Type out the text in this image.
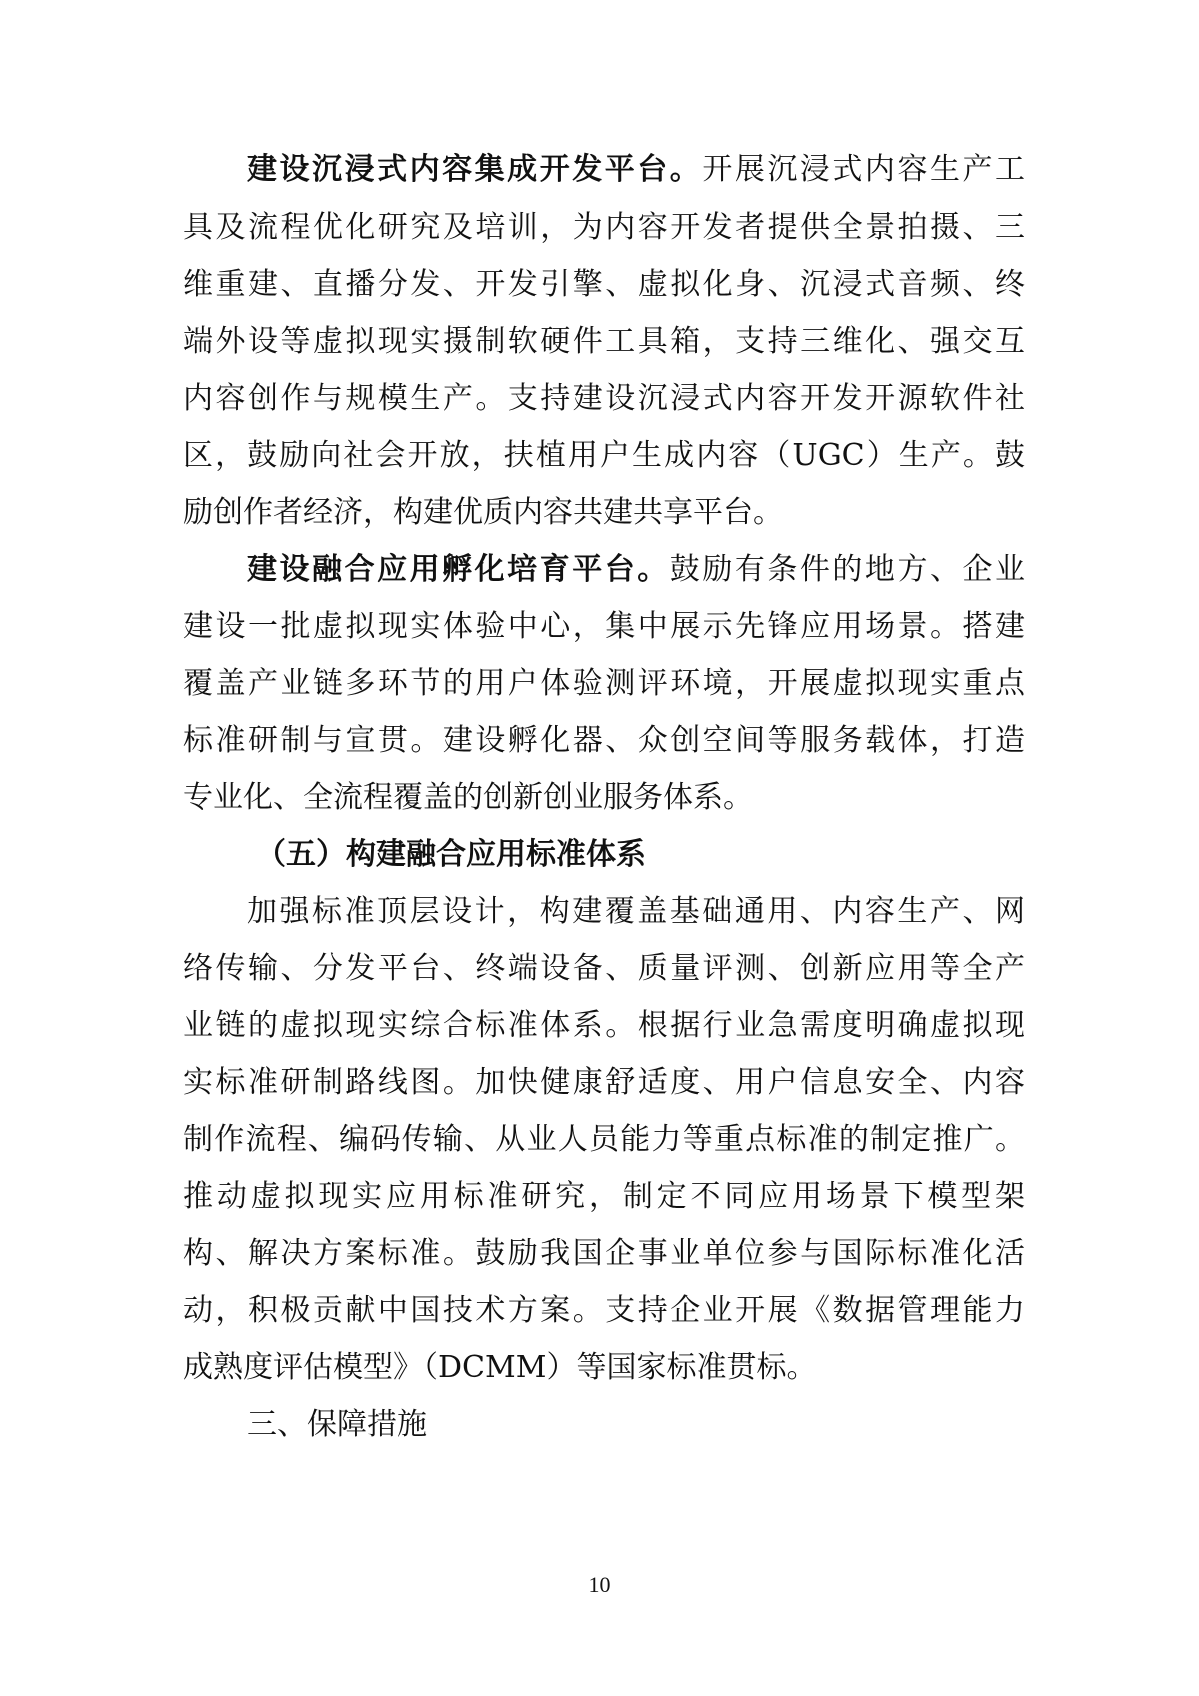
建设沉浸式内容集成开发平台。开展沉浸式内容生产工
具及流程优化研究及培训，为内容开发者提供全景拍摄、三
维重建、直播分发、开发引擎、虚拟化身、沉浸式音频、终
端外设等虚拟现实摄制软硬件工具箱，支持三维化、强交互
内容创作与规模生产。支持建设沉浸式内容开发开源软件社
区，鼓励向社会开放，扶植用户生成内容（UGC）生产。鼓
励创作者经济，构建优质内容共建共享平台。
建设融合应用孵化培育平台。鼓励有条件的地方、企业
建设一批虚拟现实体验中心，集中展示先锋应用场景。搭建
覆盖产业链多环节的用户体验测评环境，开展虚拟现实重点
标准研制与宣贯。建设孵化器、众创空间等服务载体，打造
专业化、全流程覆盖的创新创业服务体系。
（五）构建融合应用标准体系
加强标准顶层设计，构建覆盖基础通用、内容生产、网
络传输、分发平台、终端设备、质量评测、创新应用等全产
业链的虚拟现实综合标准体系。根据行业急需度明确虚拟现
实标准研制路线图。加快健康舒适度、用户信息安全、内容
制作流程、编码传输、从业人员能力等重点标准的制定推广。
推动虚拟现实应用标准研究，制定不同应用场景下模型架
构、解决方案标准。鼓励我国企事业单位参与国际标准化活
动，积极贡献中国技术方案。支持企业开展《数据管理能力
成熟度评估模型》（DCMM）等国家标准贯标。
三、保障措施
10
